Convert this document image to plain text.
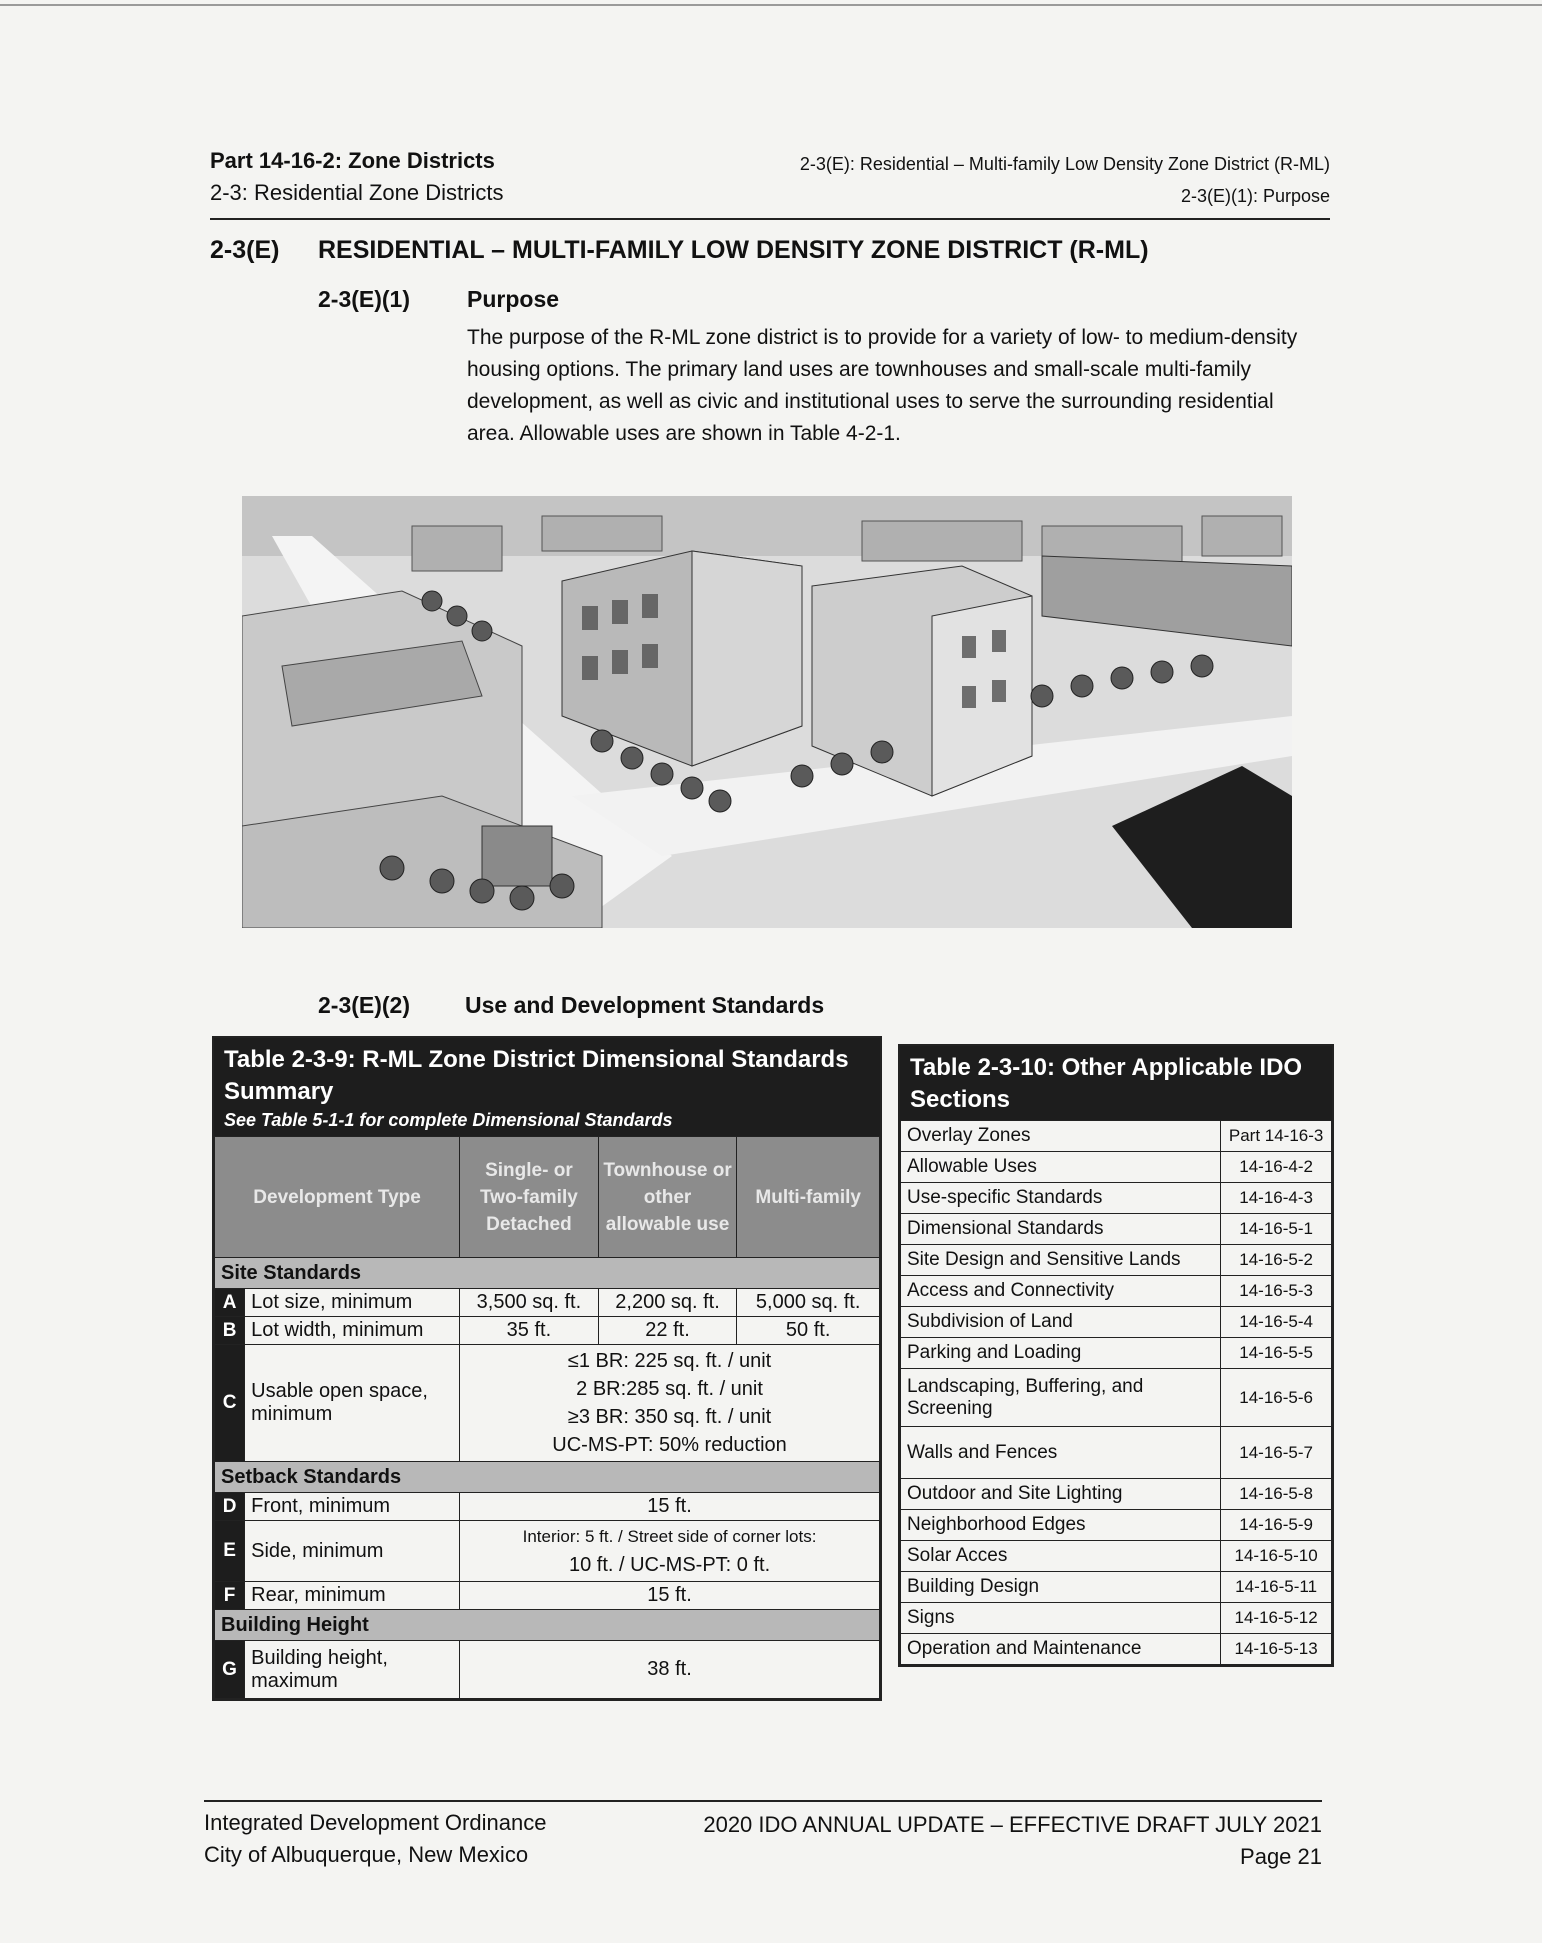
Part 14-16-2: Zone Districts
2-3: Residential Zone Districts
2-3(E): Residential – Multi-family Low Density Zone District (R-ML)
2-3(E)(1): Purpose
2-3(E) RESIDENTIAL – MULTI-FAMILY LOW DENSITY ZONE DISTRICT (R-ML)
2-3(E)(1) Purpose
The purpose of the R-ML zone district is to provide for a variety of low- to medium-density housing options. The primary land uses are townhouses and small-scale multi-family development, as well as civic and institutional uses to serve the surrounding residential area. Allowable uses are shown in Table 4-2-1.
2-3(E)(2) Use and Development Standards
Table 2-3-9: R-ML Zone District Dimensional Standards Summary
See Table 5-1-1 for complete Dimensional Standards
Development Type		Single- or Two-family Detached	Townhouse or other allowable use	Multi-family
Site Standards				
A	Lot size, minimum	3,500 sq. ft.	2,200 sq. ft.	5,000 sq. ft.
B	Lot width, minimum	35 ft.	22 ft.	50 ft.
C	Usable open space, minimum	≤1 BR: 225 sq. ft. / unit
2 BR:285 sq. ft. / unit
≥3 BR: 350 sq. ft. / unit
UC-MS-PT: 50% reduction		

Setback Standards				
D	Front, minimum	15 ft.		
E	Side, minimum	Interior: 5 ft. / Street side of corner lots:
10 ft. / UC-MS-PT: 0 ft.		

F	Rear, minimum	15 ft.		
Building Height				
G	Building height, maximum	38 ft.		
Table 2-3-10: Other Applicable IDO Sections
Overlay Zones	Part 14-16-3
Allowable Uses	14-16-4-2
Use-specific Standards	14-16-4-3
Dimensional Standards	14-16-5-1
Site Design and Sensitive Lands	14-16-5-2
Access and Connectivity	14-16-5-3
Subdivision of Land	14-16-5-4
Parking and Loading	14-16-5-5
Landscaping, Buffering, and Screening	14-16-5-6
Walls and Fences	14-16-5-7
Outdoor and Site Lighting	14-16-5-8
Neighborhood Edges	14-16-5-9
Solar Acces	14-16-5-10
Building Design	14-16-5-11
Signs	14-16-5-12
Operation and Maintenance	14-16-5-13
Integrated Development Ordinance
City of Albuquerque, New Mexico
2020 IDO ANNUAL UPDATE – EFFECTIVE DRAFT JULY 2021
Page 21
